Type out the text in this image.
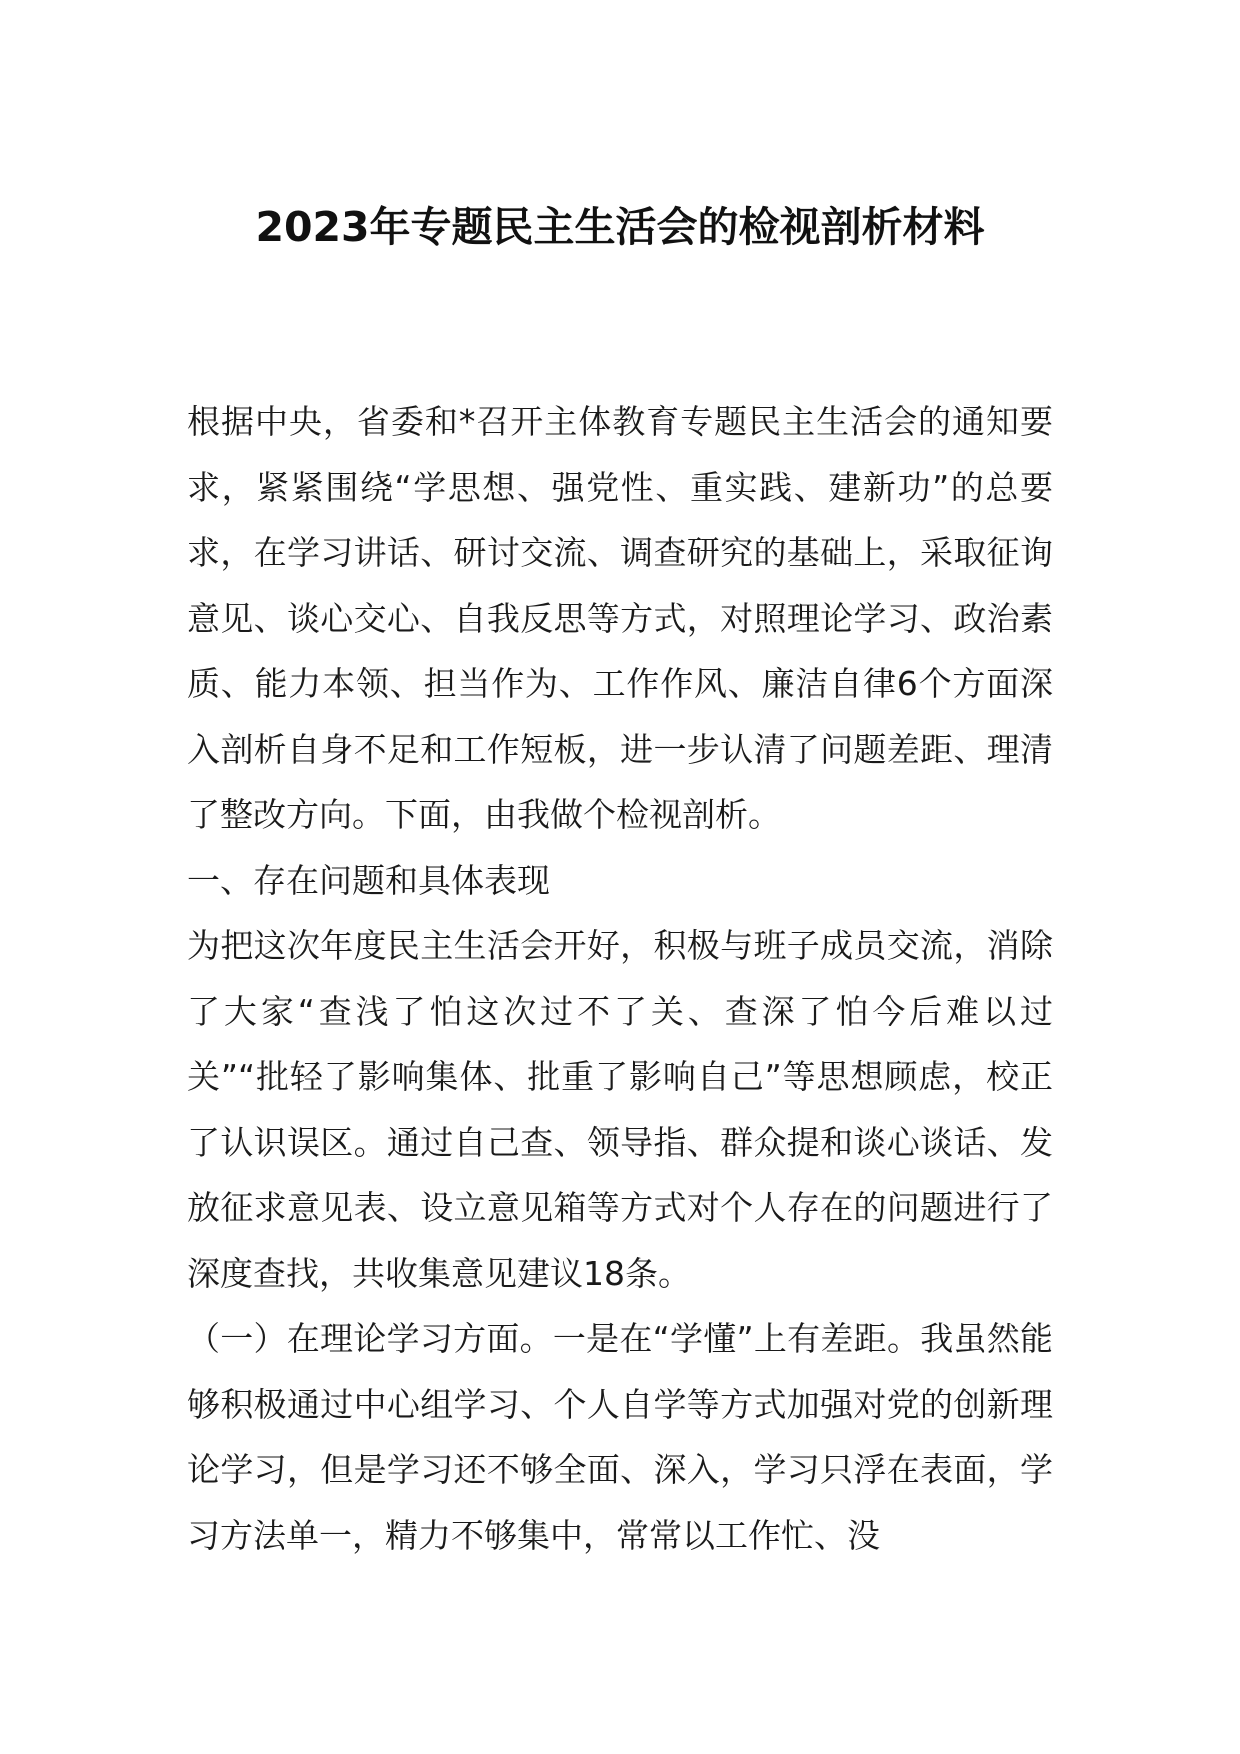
2023年专题民主生活会的检视剖析材料

根据中央，省委和*召开主体教育专题民主生活会的通知要求，紧紧围绕“学思想、强党性、重实践、建新功”的总要求，在学习讲话、研讨交流、调查研究的基础上，采取征询意见、谈心交心、自我反思等方式，对照理论学习、政治素质、能力本领、担当作为、工作作风、廉洁自律6个方面深入剖析自身不足和工作短板，进一步认清了问题差距、理清了整改方向。下面，由我做个检视剖析。

一、存在问题和具体表现

为把这次年度民主生活会开好，积极与班子成员交流，消除了大家“查浅了怕这次过不了关、查深了怕今后难以过关”“批轻了影响集体、批重了影响自己”等思想顾虑，校正了认识误区。通过自己查、领导指、群众提和谈心谈话、发放征求意见表、设立意见箱等方式对个人存在的问题进行了深度查找，共收集意见建议18条。

（一）在理论学习方面。一是在“学懂”上有差距。我虽然能够积极通过中心组学习、个人自学等方式加强对党的创新理论学习，但是学习还不够全面、深入，学习只浮在表面，学习方法单一，精力不够集中，常常以工作忙、没
